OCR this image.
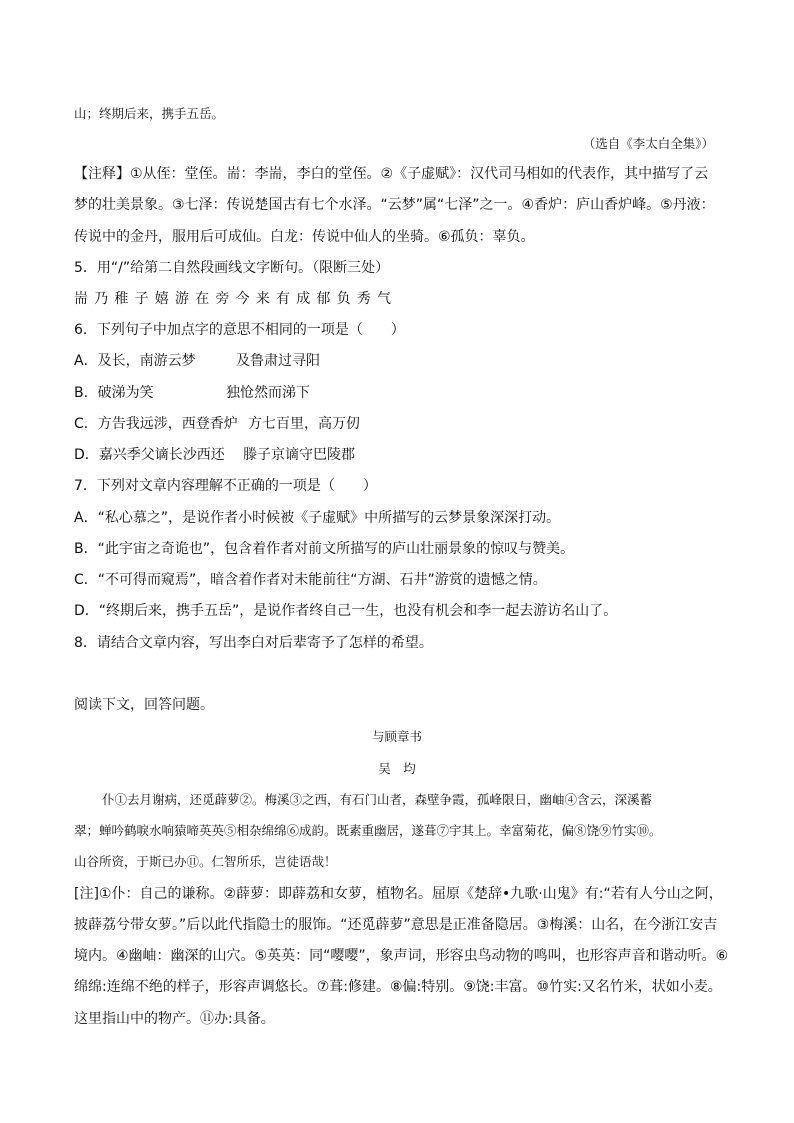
山；终期后来，携手五岳。
（选自《李太白全集》）
【注释】①从侄：堂侄。耑：李耑，李白的堂侄。②《子虚赋》：汉代司马相如的代表作，其中描写了云
梦的壮美景象。③七泽：传说楚国古有七个水泽。“云梦”属“七泽”之一。④香炉：庐山香炉峰。⑤丹液：
传说中的金丹，服用后可成仙。白龙：传说中仙人的坐骑。⑥孤负：辜负。
5．用“/”给第二自然段画线文字断句。（限断三处）
耑乃稚子嬉游在旁今来有成郁负秀气
6．下列句子中加点字的意思不相同的一项是（　　）
A．及长，南游云梦	及鲁肃过寻阳
B．破涕为笑	独怆然而涕下
C．方告我远涉，西登香炉 方七百里，高万仞
D．嘉兴季父谪长沙西还 滕子京谪守巴陵郡
7．下列对文章内容理解不正确的一项是（　　）
A．“私心慕之”，是说作者小时候被《子虚赋》中所描写的云梦景象深深打动。
B．“此宇宙之奇诡也”，包含着作者对前文所描写的庐山壮丽景象的惊叹与赞美。
C．“不可得而窥焉”，暗含着作者对未能前往“方湖、石井”游赏的遗憾之情。
D．“终期后来，携手五岳”，是说作者终自己一生，也没有机会和李一起去游访名山了。
8．请结合文章内容，写出李白对后辈寄予了怎样的希望。
阅读下文，回答问题。
与顾章书
吴　均
仆①去月谢病，还觅薜萝②。梅溪③之西，有石门山者，森壁争霞，孤峰限日，幽岫④含云，深溪蓄
翠；蝉吟鹤唳水响猿啼英英⑤相杂绵绵⑥成韵。既素重幽居，遂葺⑦宇其上。幸富菊花，偏⑧饶⑨竹实⑩。
山谷所资，于斯已办⑪。仁智所乐，岂徒语哉！
[注]①仆：自己的谦称。②薜萝：即薜荔和女萝，植物名。屈原《楚辞•九歌·山鬼》有:“若有人兮山之阿，
披薜荔兮带女萝。”后以此代指隐士的服饰。“还觅薜萝”意思是正准备隐居。③梅溪：山名，在今浙江安吉
境内。④幽岫：幽深的山穴。⑤英英：同“嘤嘤”，象声词，形容虫鸟动物的鸣叫，也形容声音和谐动听。⑥
绵绵:连绵不绝的样子，形容声调悠长。⑦葺:修建。⑧偏:特别。⑨饶:丰富。⑩竹实:又名竹米，状如小麦。
这里指山中的物产。⑪办:具备。
